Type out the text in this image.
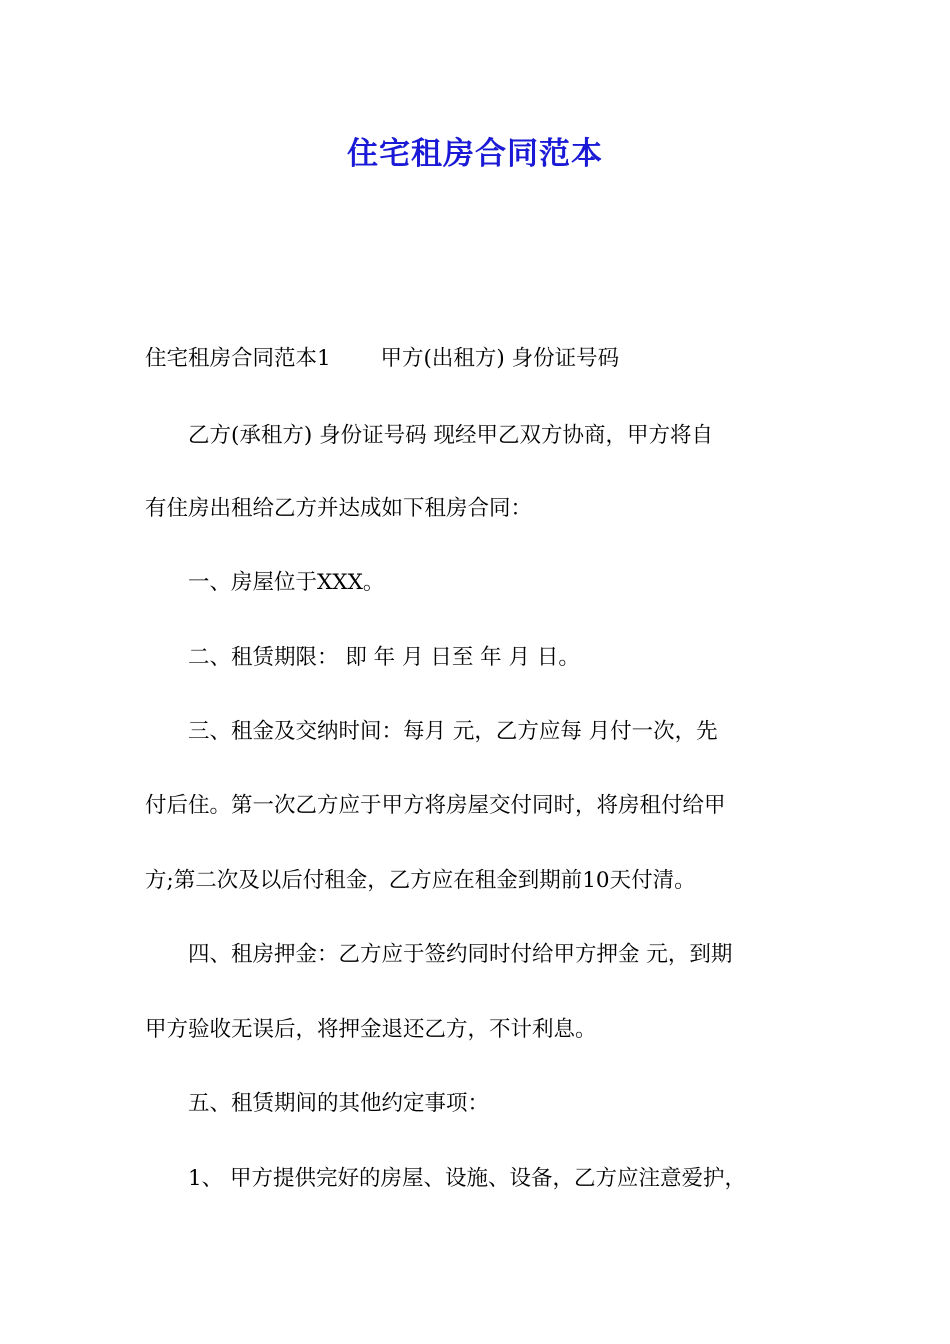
住宅租房合同范本

住宅租房合同范本1　　 甲方(出租方) 身份证号码

　　乙方(承租方) 身份证号码 现经甲乙双方协商，甲方将自

有住房出租给乙方并达成如下租房合同：

　　一、房屋位于XXX。

　　二、租赁期限： 即 年 月 日至 年 月 日。

　　三、租金及交纳时间：每月 元，乙方应每 月付一次，先

付后住。第一次乙方应于甲方将房屋交付同时，将房租付给甲

方;第二次及以后付租金，乙方应在租金到期前10天付清。

　　四、租房押金：乙方应于签约同时付给甲方押金 元，到期

甲方验收无误后，将押金退还乙方，不计利息。

　　五、租赁期间的其他约定事项：

　　1、 甲方提供完好的房屋、设施、设备，乙方应注意爱护，
